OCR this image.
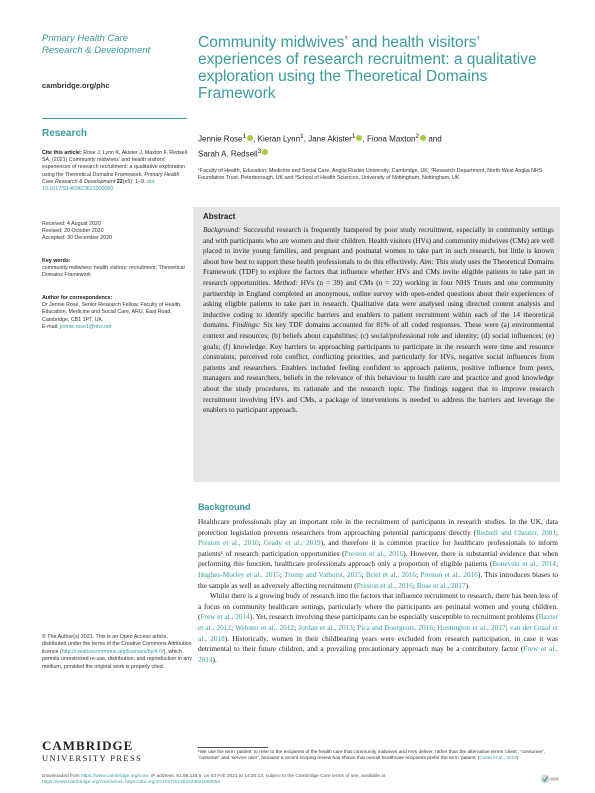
Primary Health Care
Research & Development
cambridge.org/phc
Research
Cite this article: Rose J, Lynn K, Akister J, Maxton F, Redsell SA. (2021) Community midwives’ and health visitors’ experiences of research recruitment: a qualitative exploration using the Theoretical Domains Framework. Primary Health Care Research & Development 22(e5): 1–9. doi: 10.1017/S1463423621000050
Received: 4 August 2020
Revised: 20 October 2020
Accepted: 30 December 2020
Key words:
community midwives; health visitors; recruitment; Theoretical Domains Framework
Author for correspondence:
Dr Jennie Rose, Senior Research Fellow, Faculty of Health, Education, Medicine and Social Care, ARU, East Road, Cambridge, CB1 1PT, UK.
E-mail: jennie.rose1@nhs.net
Community midwives’ and health visitors’ experiences of research recruitment: a qualitative exploration using the Theoretical Domains Framework
Jennie Rose$^1$ , Kieran Lynn$^1$, Jane Akister$^1$ , Fiona Maxton$^2$ and
Sarah A. Redsell$^3$
¹Faculty of Health, Education, Medicine and Social Care, Anglia Ruskin University, Cambridge, UK; ²Research Department, North West Anglia NHS Foundation Trust, Peterborough, UK and ³School of Health Sciences, University of Nottingham, Nottingham, UK
Abstract
Background: Successful research is frequently hampered by poor study recruitment, especially in community settings and with participants who are women and their children. Health visitors (HVs) and community midwives (CMs) are well placed to invite young families, and pregnant and postnatal women to take part in such research, but little is known about how best to support these health professionals to do this effectively. Aim: This study uses the Theoretical Domains Framework (TDF) to explore the factors that influence whether HVs and CMs invite eligible patients to take part in research opportunities. Method: HVs (n = 39) and CMs (n = 22) working in four NHS Trusts and one community partnership in England completed an anonymous, online survey with open-ended questions about their experiences of asking eligible patients to take part in research. Qualitative data were analysed using directed content analysis and inductive coding to identify specific barriers and enablers to patient recruitment within each of the 14 theoretical domains. Findings: Six key TDF domains accounted for 81% of all coded responses. These were (a) environmental context and resources; (b) beliefs about capabilities; (c) social/professional role and identity; (d) social influences; (e) goals; (f) knowledge. Key barriers to approaching participants to participate in the research were time and resource constraints, perceived role conflict, conflicting priorities, and particularly for HVs, negative social influences from patients and researchers. Enablers included feeling confident to approach patients, positive influence from peers, managers and researchers, beliefs in the relevance of this behaviour to health care and practice and good knowledge about the study procedures, its rationale and the research topic. The findings suggest that to improve research recruitment involving HVs and CMs, a package of interventions is needed to address the barriers and leverage the enablers to participant approach.
Background

Healthcare professionals play an important role in the recruitment of participants in research studies. In the UK, data protection legislation prevents researchers from approaching potential participants directly (Redsell and Cheater, 2001; Preston et al., 2016; Grady et al., 2019), and therefore it is common practice for healthcare professionals to inform patients¹ of research participation opportunities (Preston et al., 2016). However, there is substantial evidence that when performing this function, healthcare professionals approach only a proportion of eligible patients (Bonevski et al., 2014; Hughes-Morley et al., 2015; Tromp and Vathorst, 2015; Briel et al., 2016; Preston et al., 2016). This introduces biases to the sample as well as adversely affecting recruitment (Preston et al., 2016; Rose et al., 2017).

Whilst there is a growing body of research into the factors that influence recruitment to research, there has been less of a focus on community healthcare settings, particularly where the participants are perinatal women and young children. (Frew et al., 2014). Yet, research involving these participants can be especially susceptible to recruitment problems (Baxter et al., 2012; Webster et al., 2012; Jordan et al., 2013; Pica and Bourgeois, 2016; Huntington et al., 2017; van der Graaf et al., 2018). Historically, women in their childbearing years were excluded from research participation, in case it was detrimental to their future children, and a prevailing precautionary approach may be a contributory factor (Frew et al., 2014).

© The Author(s) 2021. This is an Open Access article, distributed under the terms of the Creative Commons Attribution licence (http://creativecommons.org/licenses/by/4.0/), which permits unrestricted re-use, distribution, and reproduction in any medium, provided the original work is properly cited.
CAMBRIDGE
UNIVERSITY PRESS
¹We use the term ‘patient’ to refer to the recipients of the health care that community midwives and HVs deliver, rather than the alternative terms ‘client’, ‘consumer’, ‘customer’ and ‘service user’, because a recent scoping review has shown that overall healthcare recipients prefer the term ‘patient’ (Costa et al., 2019).
Downloaded from https://www.cambridge.org/core. IP address: 81.98.116.6, on 03 Feb 2021 at 14:30:13, subject to the Cambridge Core terms of use, available at
https://www.cambridge.org/core/terms. https://doi.org/10.1017/S1463423621000050
